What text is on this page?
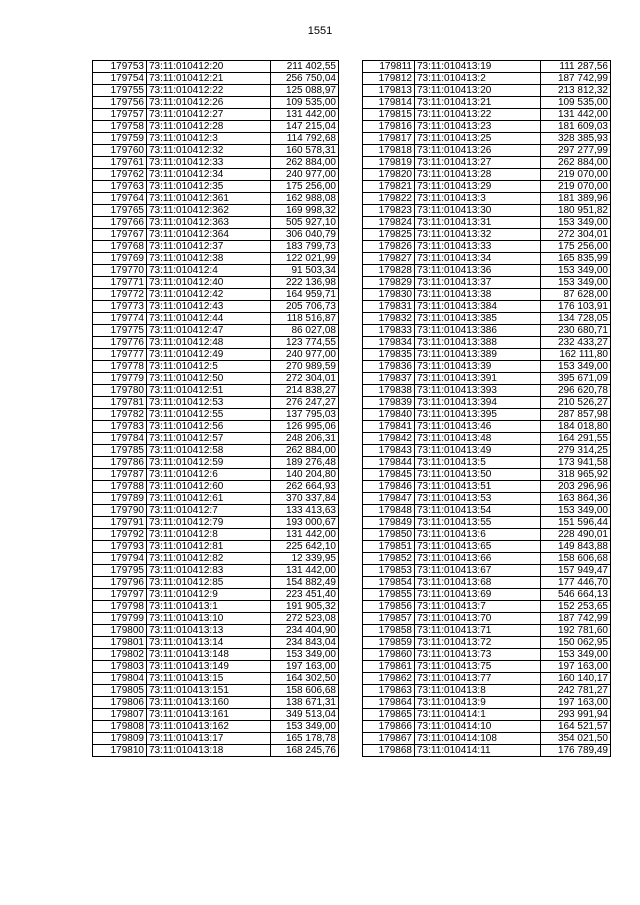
1551
179753	73:11:010412:20	211 402,55
179754	73:11:010412:21	256 750,04
179755	73:11:010412:22	125 088,97
179756	73:11:010412:26	109 535,00
179757	73:11:010412:27	131 442,00
179758	73:11:010412:28	147 215,04
179759	73:11:010412:3	114 792,68
179760	73:11:010412:32	160 578,31
179761	73:11:010412:33	262 884,00
179762	73:11:010412:34	240 977,00
179763	73:11:010412:35	175 256,00
179764	73:11:010412:361	162 988,08
179765	73:11:010412:362	169 998,32
179766	73:11:010412:363	505 927,10
179767	73:11:010412:364	306 040,79
179768	73:11:010412:37	183 799,73
179769	73:11:010412:38	122 021,99
179770	73:11:010412:4	91 503,34
179771	73:11:010412:40	222 136,98
179772	73:11:010412:42	164 959,71
179773	73:11:010412:43	205 706,73
179774	73:11:010412:44	118 516,87
179775	73:11:010412:47	86 027,08
179776	73:11:010412:48	123 774,55
179777	73:11:010412:49	240 977,00
179778	73:11:010412:5	270 989,59
179779	73:11:010412:50	272 304,01
179780	73:11:010412:51	214 838,27
179781	73:11:010412:53	276 247,27
179782	73:11:010412:55	137 795,03
179783	73:11:010412:56	126 995,06
179784	73:11:010412:57	248 206,31
179785	73:11:010412:58	262 884,00
179786	73:11:010412:59	189 276,48
179787	73:11:010412:6	140 204,80
179788	73:11:010412:60	262 664,93
179789	73:11:010412:61	370 337,84
179790	73:11:010412:7	133 413,63
179791	73:11:010412:79	193 000,67
179792	73:11:010412:8	131 442,00
179793	73:11:010412:81	225 642,10
179794	73:11:010412:82	12 339,95
179795	73:11:010412:83	131 442,00
179796	73:11:010412:85	154 882,49
179797	73:11:010412:9	223 451,40
179798	73:11:010413:1	191 905,32
179799	73:11:010413:10	272 523,08
179800	73:11:010413:13	234 404,90
179801	73:11:010413:14	234 843,04
179802	73:11:010413:148	153 349,00
179803	73:11:010413:149	197 163,00
179804	73:11:010413:15	164 302,50
179805	73:11:010413:151	158 606,68
179806	73:11:010413:160	138 671,31
179807	73:11:010413:161	349 513,04
179808	73:11:010413:162	153 349,00
179809	73:11:010413:17	165 178,78
179810	73:11:010413:18	168 245,76
179811	73:11:010413:19	111 287,56
179812	73:11:010413:2	187 742,99
179813	73:11:010413:20	213 812,32
179814	73:11:010413:21	109 535,00
179815	73:11:010413:22	131 442,00
179816	73:11:010413:23	181 609,03
179817	73:11:010413:25	328 385,93
179818	73:11:010413:26	297 277,99
179819	73:11:010413:27	262 884,00
179820	73:11:010413:28	219 070,00
179821	73:11:010413:29	219 070,00
179822	73:11:010413:3	181 389,96
179823	73:11:010413:30	180 951,82
179824	73:11:010413:31	153 349,00
179825	73:11:010413:32	272 304,01
179826	73:11:010413:33	175 256,00
179827	73:11:010413:34	165 835,99
179828	73:11:010413:36	153 349,00
179829	73:11:010413:37	153 349,00
179830	73:11:010413:38	87 628,00
179831	73:11:010413:384	176 103,91
179832	73:11:010413:385	134 728,05
179833	73:11:010413:386	230 680,71
179834	73:11:010413:388	232 433,27
179835	73:11:010413:389	162 111,80
179836	73:11:010413:39	153 349,00
179837	73:11:010413:391	395 671,09
179838	73:11:010413:393	296 620,78
179839	73:11:010413:394	210 526,27
179840	73:11:010413:395	287 857,98
179841	73:11:010413:46	184 018,80
179842	73:11:010413:48	164 291,55
179843	73:11:010413:49	279 314,25
179844	73:11:010413:5	173 941,58
179845	73:11:010413:50	318 965,92
179846	73:11:010413:51	203 296,96
179847	73:11:010413:53	163 864,36
179848	73:11:010413:54	153 349,00
179849	73:11:010413:55	151 596,44
179850	73:11:010413:6	228 490,01
179851	73:11:010413:65	149 843,88
179852	73:11:010413:66	158 606,68
179853	73:11:010413:67	157 949,47
179854	73:11:010413:68	177 446,70
179855	73:11:010413:69	546 664,13
179856	73:11:010413:7	152 253,65
179857	73:11:010413:70	187 742,99
179858	73:11:010413:71	192 781,60
179859	73:11:010413:72	150 062,95
179860	73:11:010413:73	153 349,00
179861	73:11:010413:75	197 163,00
179862	73:11:010413:77	160 140,17
179863	73:11:010413:8	242 781,27
179864	73:11:010413:9	197 163,00
179865	73:11:010414:1	293 991,94
179866	73:11:010414:10	164 521,57
179867	73:11:010414:108	354 021,50
179868	73:11:010414:11	176 789,49
